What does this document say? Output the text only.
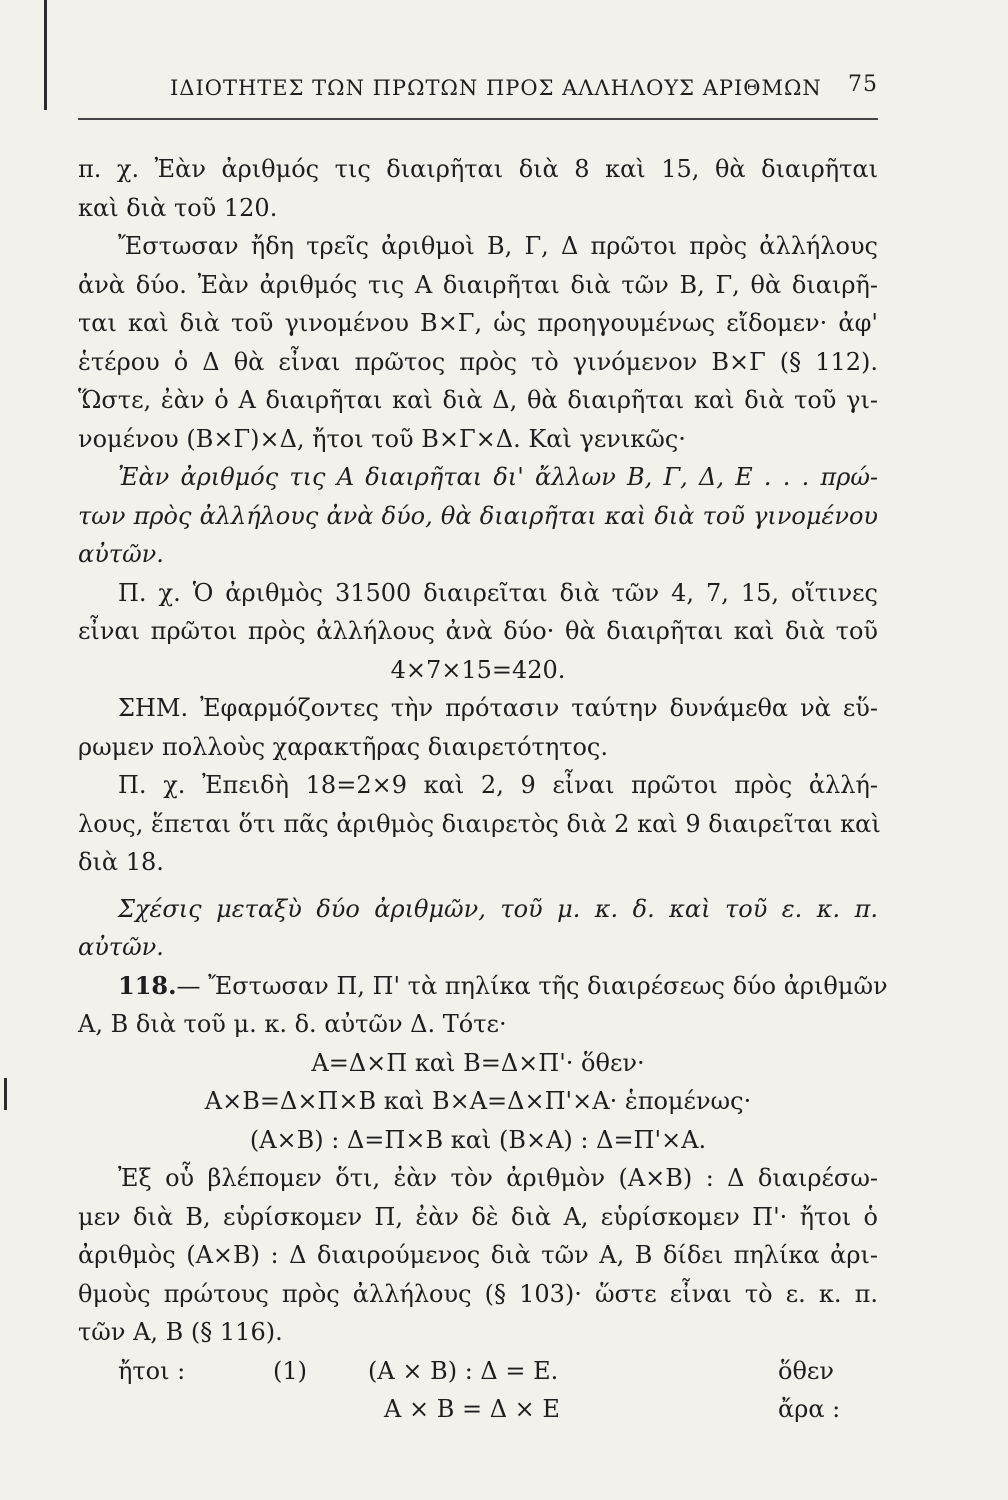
ΙΔΙΟΤΗΤΕΣ ΤΩΝ ΠΡΩΤΩΝ ΠΡΟΣ ΑΛΛΗΛΟΥΣ ΑΡΙΘΜΩΝ 75
π. χ. Ἐὰν ἀριθμός τις διαιρῆται διὰ 8 καὶ 15, θὰ διαιρῆται
καὶ διὰ τοῦ 120.
Ἔστωσαν ἤδη τρεῖς ἀριθμοὶ Β, Γ, Δ πρῶτοι πρὸς ἀλλήλους
ἀνὰ δύο. Ἐὰν ἀριθμός τις Α διαιρῆται διὰ τῶν Β, Γ, θὰ διαιρῆ-
ται καὶ διὰ τοῦ γινομένου Β×Γ, ὡς προηγουμένως εἴδομεν· ἀφ'
ἑτέρου ὁ Δ θὰ εἶναι πρῶτος πρὸς τὸ γινόμενον Β×Γ (§ 112).
Ὥστε, ἐὰν ὁ Α διαιρῆται καὶ διὰ Δ, θὰ διαιρῆται καὶ διὰ τοῦ γι-
νομένου (Β×Γ)×Δ, ἤτοι τοῦ Β×Γ×Δ. Καὶ γενικῶς·
Ἐὰν ἀριθμός τις Α διαιρῆται δι' ἄλλων Β, Γ, Δ, Ε . . . πρώ-
των πρὸς ἀλλήλους ἀνὰ δύο, θὰ διαιρῆται καὶ διὰ τοῦ γινομένου
αὐτῶν.
Π. χ. Ὁ ἀριθμὸς 31500 διαιρεῖται διὰ τῶν 4, 7, 15, οἵτινες
εἶναι πρῶτοι πρὸς ἀλλήλους ἀνὰ δύο· θὰ διαιρῆται καὶ διὰ τοῦ
4×7×15=420.
ΣΗΜ. Ἐφαρμόζοντες τὴν πρότασιν ταύτην δυνάμεθα νὰ εὕ-
ρωμεν πολλοὺς χαρακτῆρας διαιρετότητος.
Π. χ. Ἐπειδὴ 18=2×9 καὶ 2, 9 εἶναι πρῶτοι πρὸς ἀλλή-
λους, ἕπεται ὅτι πᾶς ἀριθμὸς διαιρετὸς διὰ 2 καὶ 9 διαιρεῖται καὶ
διὰ 18.
Σχέσις μεταξὺ δύο ἀριθμῶν, τοῦ μ. κ. δ. καὶ τοῦ ε. κ. π.
αὐτῶν.
118.— Ἔστωσαν Π, Π' τὰ πηλίκα τῆς διαιρέσεως δύο ἀριθμῶν
Α, Β διὰ τοῦ μ. κ. δ. αὐτῶν Δ. Τότε·
Α=Δ×Π καὶ Β=Δ×Π'· ὅθεν·
Α×Β=Δ×Π×Β καὶ Β×Α=Δ×Π'×Α· ἑπομένως·
(Α×Β) : Δ=Π×Β καὶ (Β×Α) : Δ=Π'×Α.
Ἐξ οὗ βλέπομεν ὅτι, ἐὰν τὸν ἀριθμὸν (Α×Β) : Δ διαιρέσω-
μεν διὰ Β, εὑρίσκομεν Π, ἐὰν δὲ διὰ Α, εὑρίσκομεν Π'· ἤτοι ὁ
ἀριθμὸς (Α×Β) : Δ διαιρούμενος διὰ τῶν Α, Β δίδει πηλίκα ἀρι-
θμοὺς πρώτους πρὸς ἀλλήλους (§ 103)· ὥστε εἶναι τὸ ε. κ. π.
τῶν Α, Β (§ 116).
ἤτοι :	(1)	(Α × Β) : Δ = Ε.	ὅθεν
Α × Β = Δ × Ε	ἄρα :
